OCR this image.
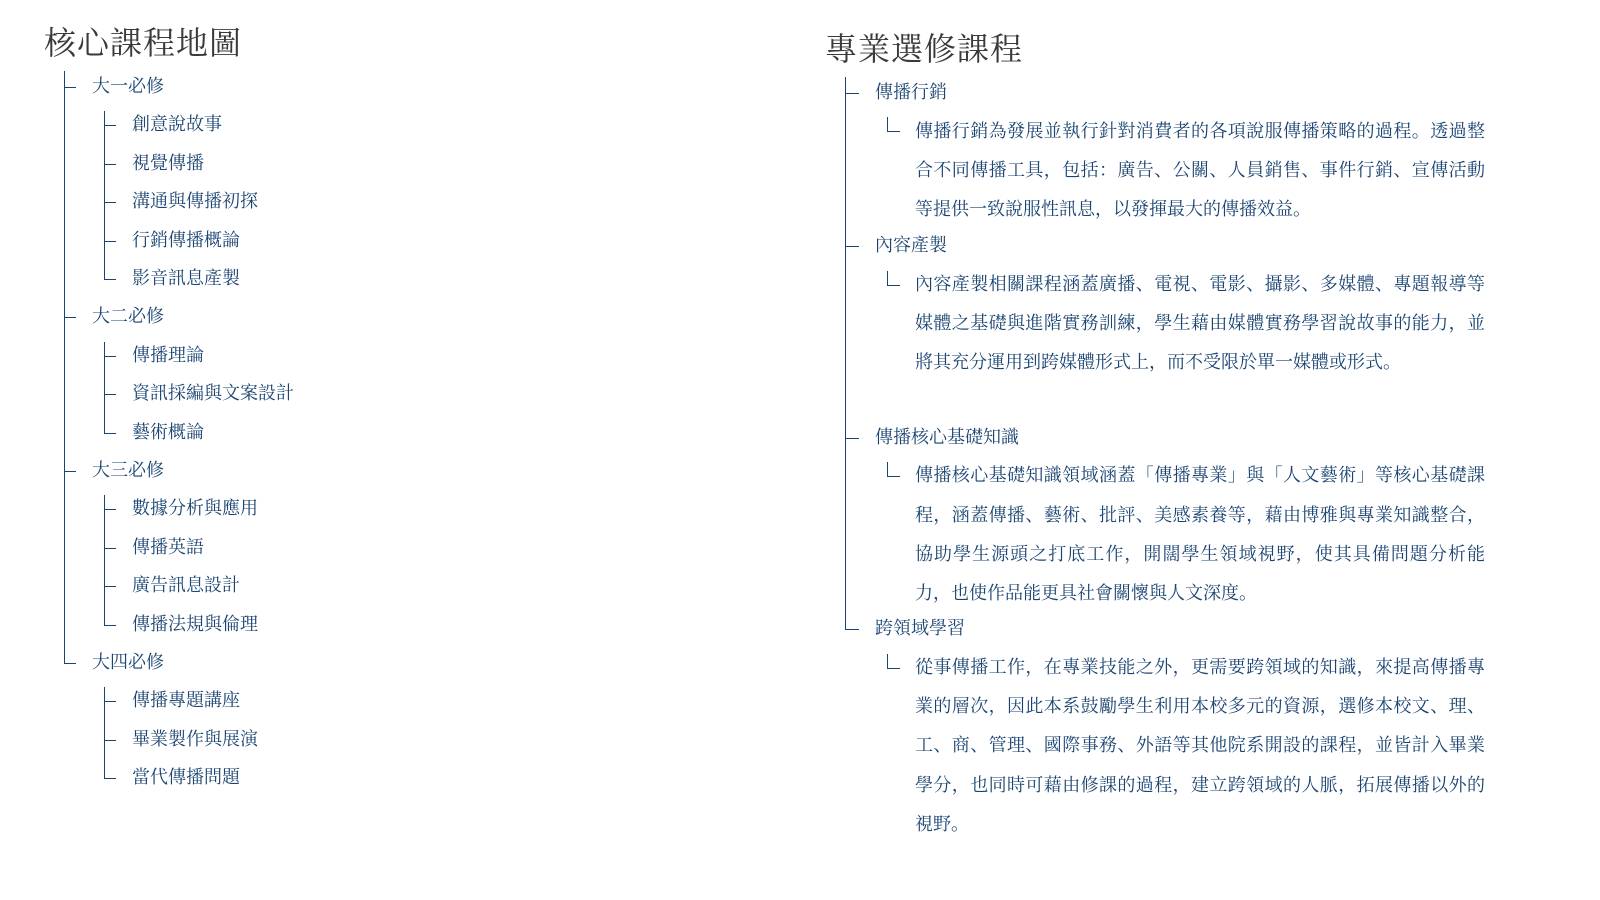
核心課程地圖
大一必修
創意說故事
視覺傳播
溝通與傳播初探
行銷傳播概論
影音訊息產製
大二必修
傳播理論
資訊採編與文案設計
藝術概論
大三必修
數據分析與應用
傳播英語
廣告訊息設計
傳播法規與倫理
大四必修
傳播專題講座
畢業製作與展演
當代傳播問題
專業選修課程
傳播行銷
傳播行銷為發展並執行針對消費者的各項說服傳播策略的過程。透過整合不同傳播工具，包括：廣告、公關、人員銷售、事件行銷、宣傳活動等提供一致說服性訊息，以發揮最大的傳播效益。
內容產製
內容產製相關課程涵蓋廣播、電視、電影、攝影、多媒體、專題報導等媒體之基礎與進階實務訓練，學生藉由媒體實務學習說故事的能力，並將其充分運用到跨媒體形式上，而不受限於單一媒體或形式。
傳播核心基礎知識
傳播核心基礎知識領域涵蓋「傳播專業」與「人文藝術」等核心基礎課程，涵蓋傳播、藝術、批評、美感素養等，藉由博雅與專業知識整合，協助學生源頭之打底工作，開闊學生領域視野，使其具備問題分析能力，也使作品能更具社會關懷與人文深度。
跨領域學習
從事傳播工作，在專業技能之外，更需要跨領域的知識，來提高傳播專業的層次，因此本系鼓勵學生利用本校多元的資源，選修本校文、理、 工、商、管理、國際事務、外語等其他院系開設的課程，並皆計入畢業學分，也同時可藉由修課的過程，建立跨領域的人脈，拓展傳播以外的視野。
